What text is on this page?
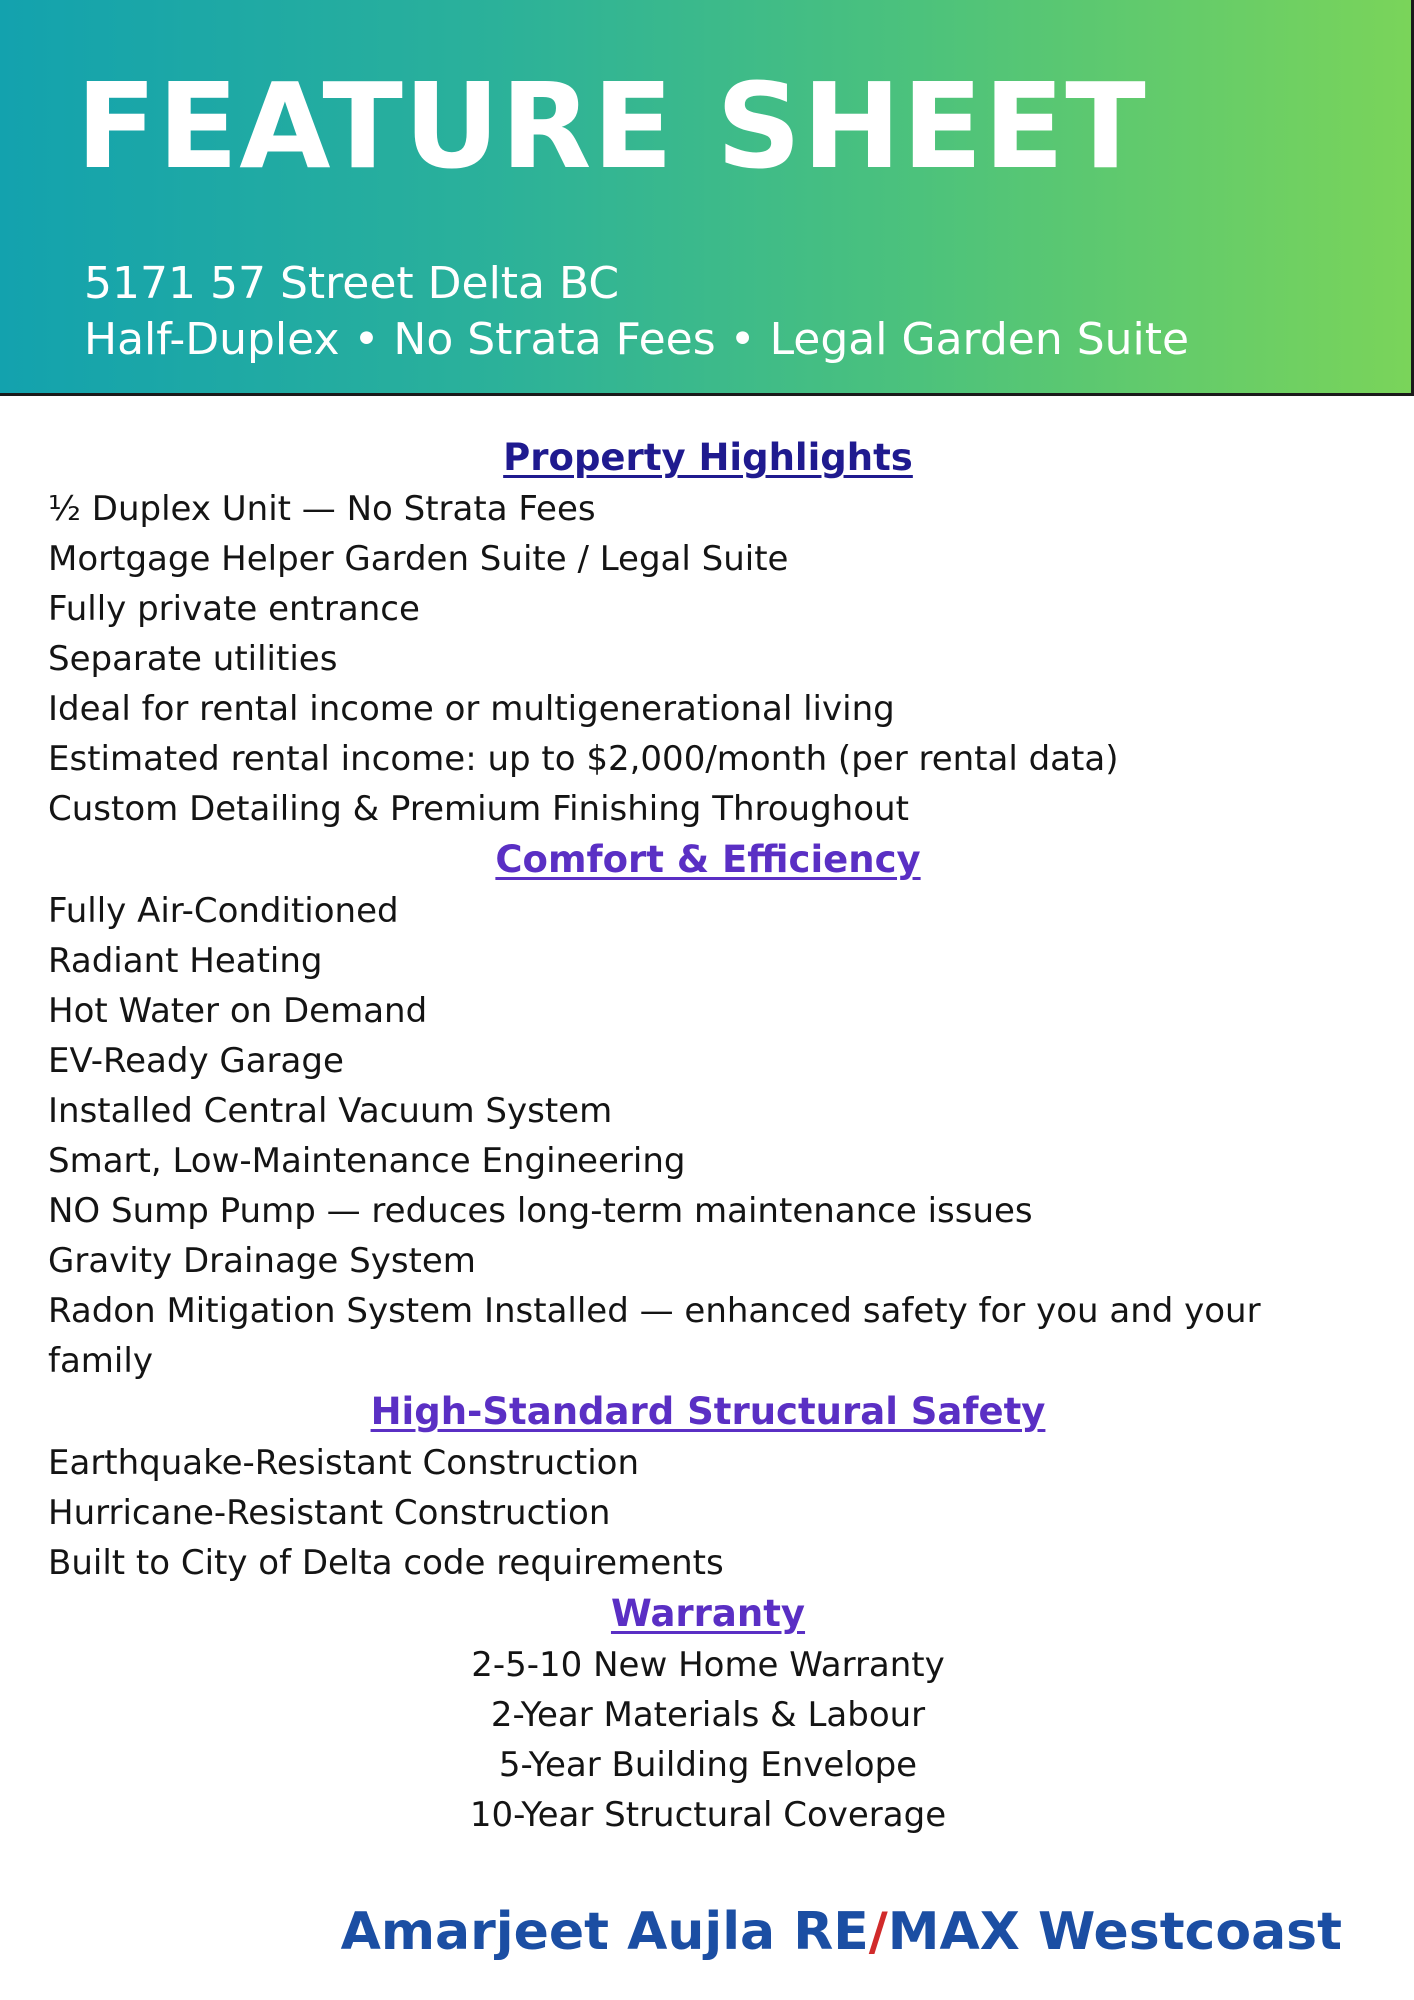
FEATURE SHEET

5171 57 Street Delta BC

Half-Duplex • No Strata Fees • Legal Garden Suite

Property Highlights
½ Duplex Unit — No Strata Fees
Mortgage Helper Garden Suite / Legal Suite
Fully private entrance
Separate utilities
Ideal for rental income or multigenerational living
Estimated rental income: up to $2,000/month (per rental data)
Custom Detailing & Premium Finishing Throughout
Comfort & Efficiency
Fully Air-Conditioned
Radiant Heating
Hot Water on Demand
EV-Ready Garage
Installed Central Vacuum System
Smart, Low-Maintenance Engineering
NO Sump Pump — reduces long-term maintenance issues
Gravity Drainage System
Radon Mitigation System Installed — enhanced safety for you and your family
High-Standard Structural Safety
Earthquake-Resistant Construction
Hurricane-Resistant Construction
Built to City of Delta code requirements
Warranty
2-5-10 New Home Warranty
2-Year Materials & Labour
5-Year Building Envelope
10-Year Structural Coverage

Amarjeet Aujla RE/MAX Westcoast
